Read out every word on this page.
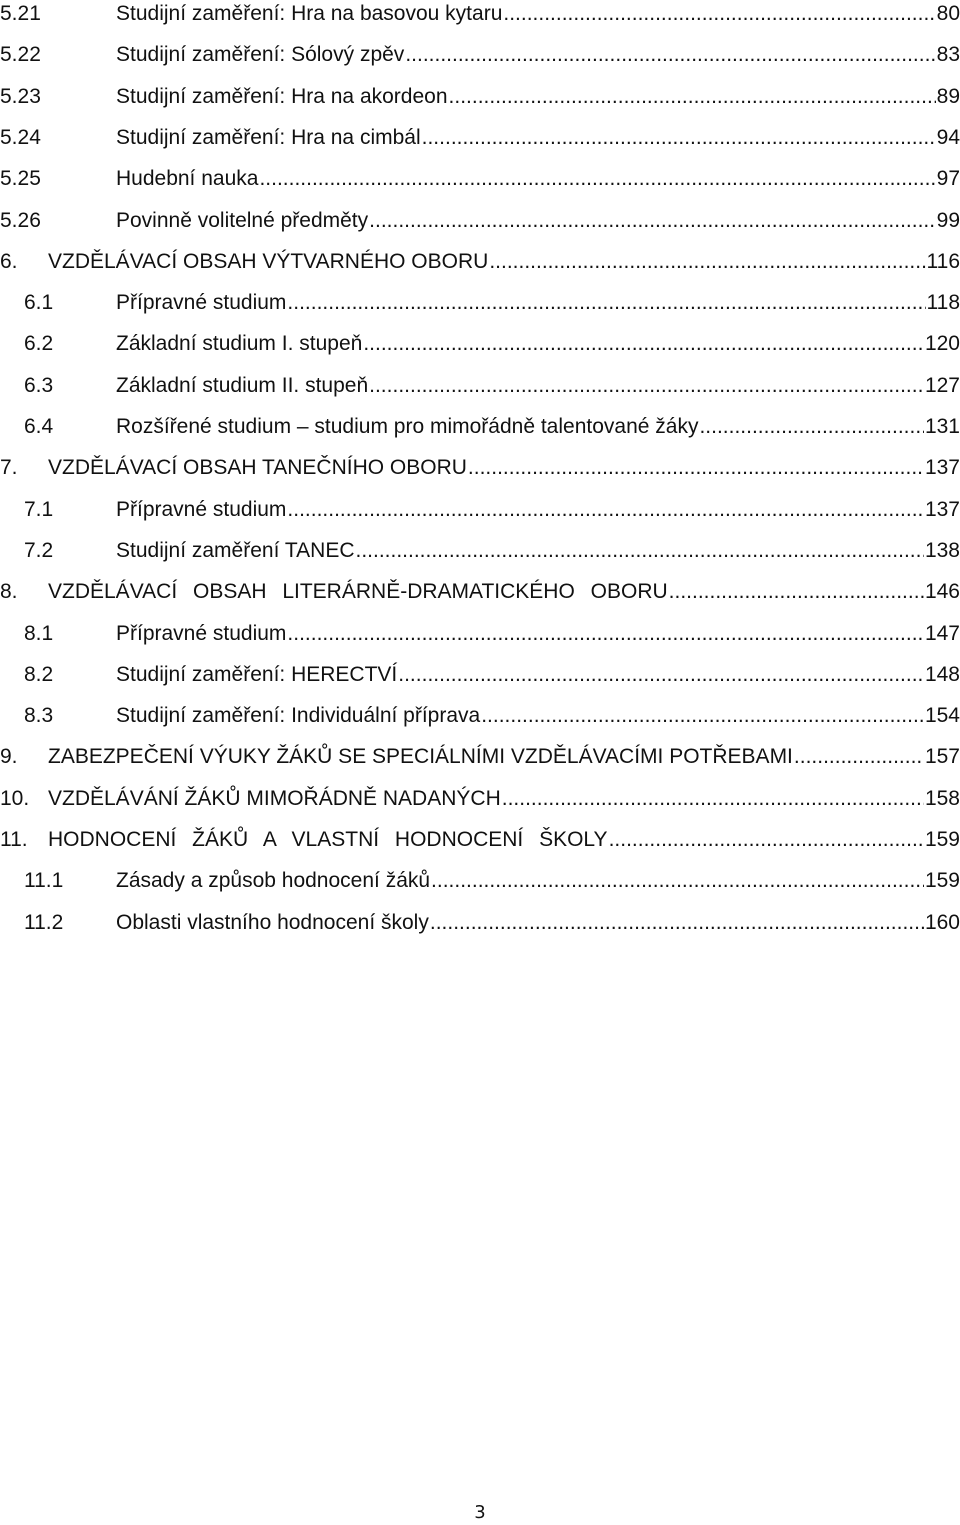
5.21	Studijní zaměření: Hra na basovou kytaru .....	80
5.22	Studijní zaměření: Sólový zpěv .....	83
5.23	Studijní zaměření: Hra na akordeon .....	89
5.24	Studijní zaměření: Hra na cimbál .....	94
5.25	Hudební nauka .....	97
5.26	Povinně volitelné předměty .....	99
6. VZDĚLÁVACÍ OBSAH VÝTVARNÉHO OBORU .....	116
6.1	Přípravné studium .....	118
6.2	Základní studium I. stupeň .....	120
6.3	Základní studium II. stupeň .....	127
6.4	Rozšířené studium – studium pro mimořádně talentované žáky .....	131
7. VZDĚLÁVACÍ OBSAH TANEČNÍHO OBORU .....	137
7.1	Přípravné studium .....	137
7.2	Studijní zaměření TANEC .....	138
8. VZDĚLÁVACÍ OBSAH LITERÁRNĚ-DRAMATICKÉHO OBORU .....	146
8.1	Přípravné studium .....	147
8.2	Studijní zaměření: HERECTVÍ .....	148
8.3	Studijní zaměření: Individuální příprava .....	154
9. ZABEZPEČENÍ VÝUKY ŽÁKŮ SE SPECIÁLNÍMI VZDĚLÁVACÍMI POTŘEBAMI .....	157
10. VZDĚLÁVÁNÍ ŽÁKŮ MIMOŘÁDNĚ NADANÝCH .....	158
11. HODNOCENÍ ŽÁKŮ A VLASTNÍ HODNOCENÍ ŠKOLY .....	159
11.1	Zásady a způsob hodnocení žáků .....	159
11.2	Oblasti vlastního hodnocení školy .....	160
3
